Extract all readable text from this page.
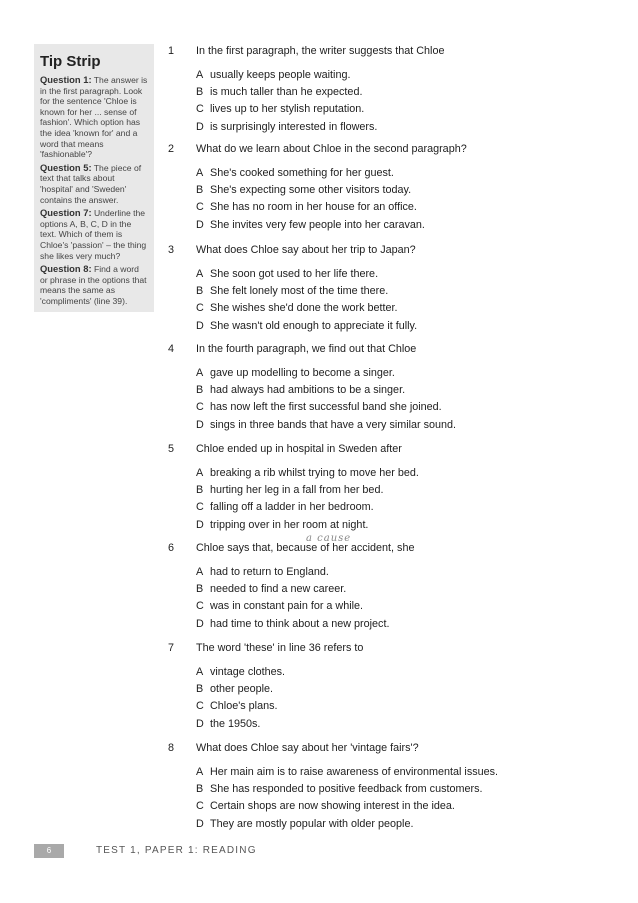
Tip Strip
Question 1: The answer is in the first paragraph. Look for the sentence 'Chloe is known for her ... sense of fashion'. Which option has the idea 'known for' and a word that means 'fashionable'?
Question 5: The piece of text that talks about 'hospital' and 'Sweden' contains the answer.
Question 7: Underline the options A, B, C, D in the text. Which of them is Chloe's 'passion' – the thing she likes very much?
Question 8: Find a word or phrase in the options that means the same as 'compliments' (line 39).
1	In the first paragraph, the writer suggests that Chloe
A usually keeps people waiting.
B is much taller than he expected.
C lives up to her stylish reputation.
D is surprisingly interested in flowers.
2	What do we learn about Chloe in the second paragraph?
A She's cooked something for her guest.
B She's expecting some other visitors today.
C She has no room in her house for an office.
D She invites very few people into her caravan.
3	What does Chloe say about her trip to Japan?
A She soon got used to her life there.
B She felt lonely most of the time there.
C She wishes she'd done the work better.
D She wasn't old enough to appreciate it fully.
4	In the fourth paragraph, we find out that Chloe
A gave up modelling to become a singer.
B had always had ambitions to be a singer.
C has now left the first successful band she joined.
D sings in three bands that have a very similar sound.
5	Chloe ended up in hospital in Sweden after
A breaking a rib whilst trying to move her bed.
B hurting her leg in a fall from her bed.
C falling off a ladder in her bedroom.
D tripping over in her room at night.
6	Chloe says that, because of her accident, she
A had to return to England.
B needed to find a new career.
C was in constant pain for a while.
D had time to think about a new project.
7	The word 'these' in line 36 refers to
A vintage clothes.
B other people.
C Chloe's plans.
D the 1950s.
8	What does Chloe say about her 'vintage fairs'?
A Her main aim is to raise awareness of environmental issues.
B She has responded to positive feedback from customers.
C Certain shops are now showing interest in the idea.
D They are mostly popular with older people.
a cause
6	TEST 1, PAPER 1: READING
